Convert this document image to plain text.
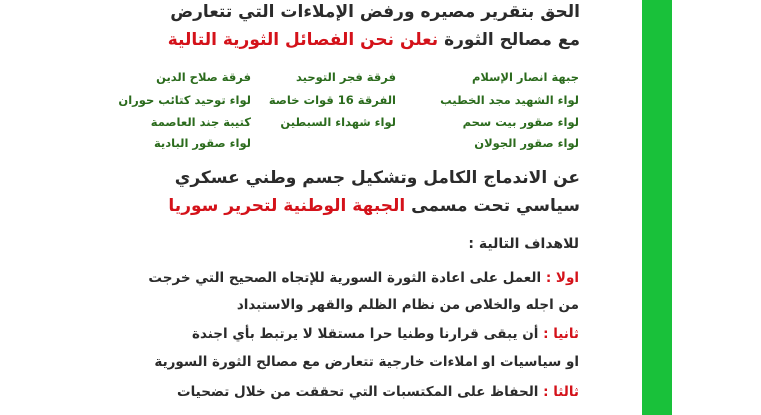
الحق بتقرير مصيره ورفض الإملاءات التي تتعارض
مع مصالح الثورة نعلن نحن الفصائل الثورية التالية
جبهة انصار الإسلام
لواء الشهيد مجد الخطيب
لواء صقور بيت سحم
لواء صقور الجولان
فرقة فجر التوحيد
الفرقة 16 قوات خاصة
لواء شهداء السبطين
فرقة صلاح الدين
لواء توحيد كتائب حوران
كتيبة جند العاصمة
لواء صقور البادية
عن الاندماج الكامل وتشكيل جسم وطني عسكري
سياسي تحت مسمى الجبهة الوطنية لتحرير سوريا
للاهداف التالية :
اولا : العمل على اعادة الثورة السورية للإتجاه الصحيح التي خرجت
من اجله والخلاص من نظام الظلم والقهر والاستبداد
ثانيا : أن يبقى قرارنا وطنيا حرا مستقلا لا يرتبط بأي اجندة
او سياسيات او املاءات خارجية تتعارض مع مصالح الثورة السورية
ثالثا : الحفاظ على المكتسبات التي تحققت من خلال تضحيات
